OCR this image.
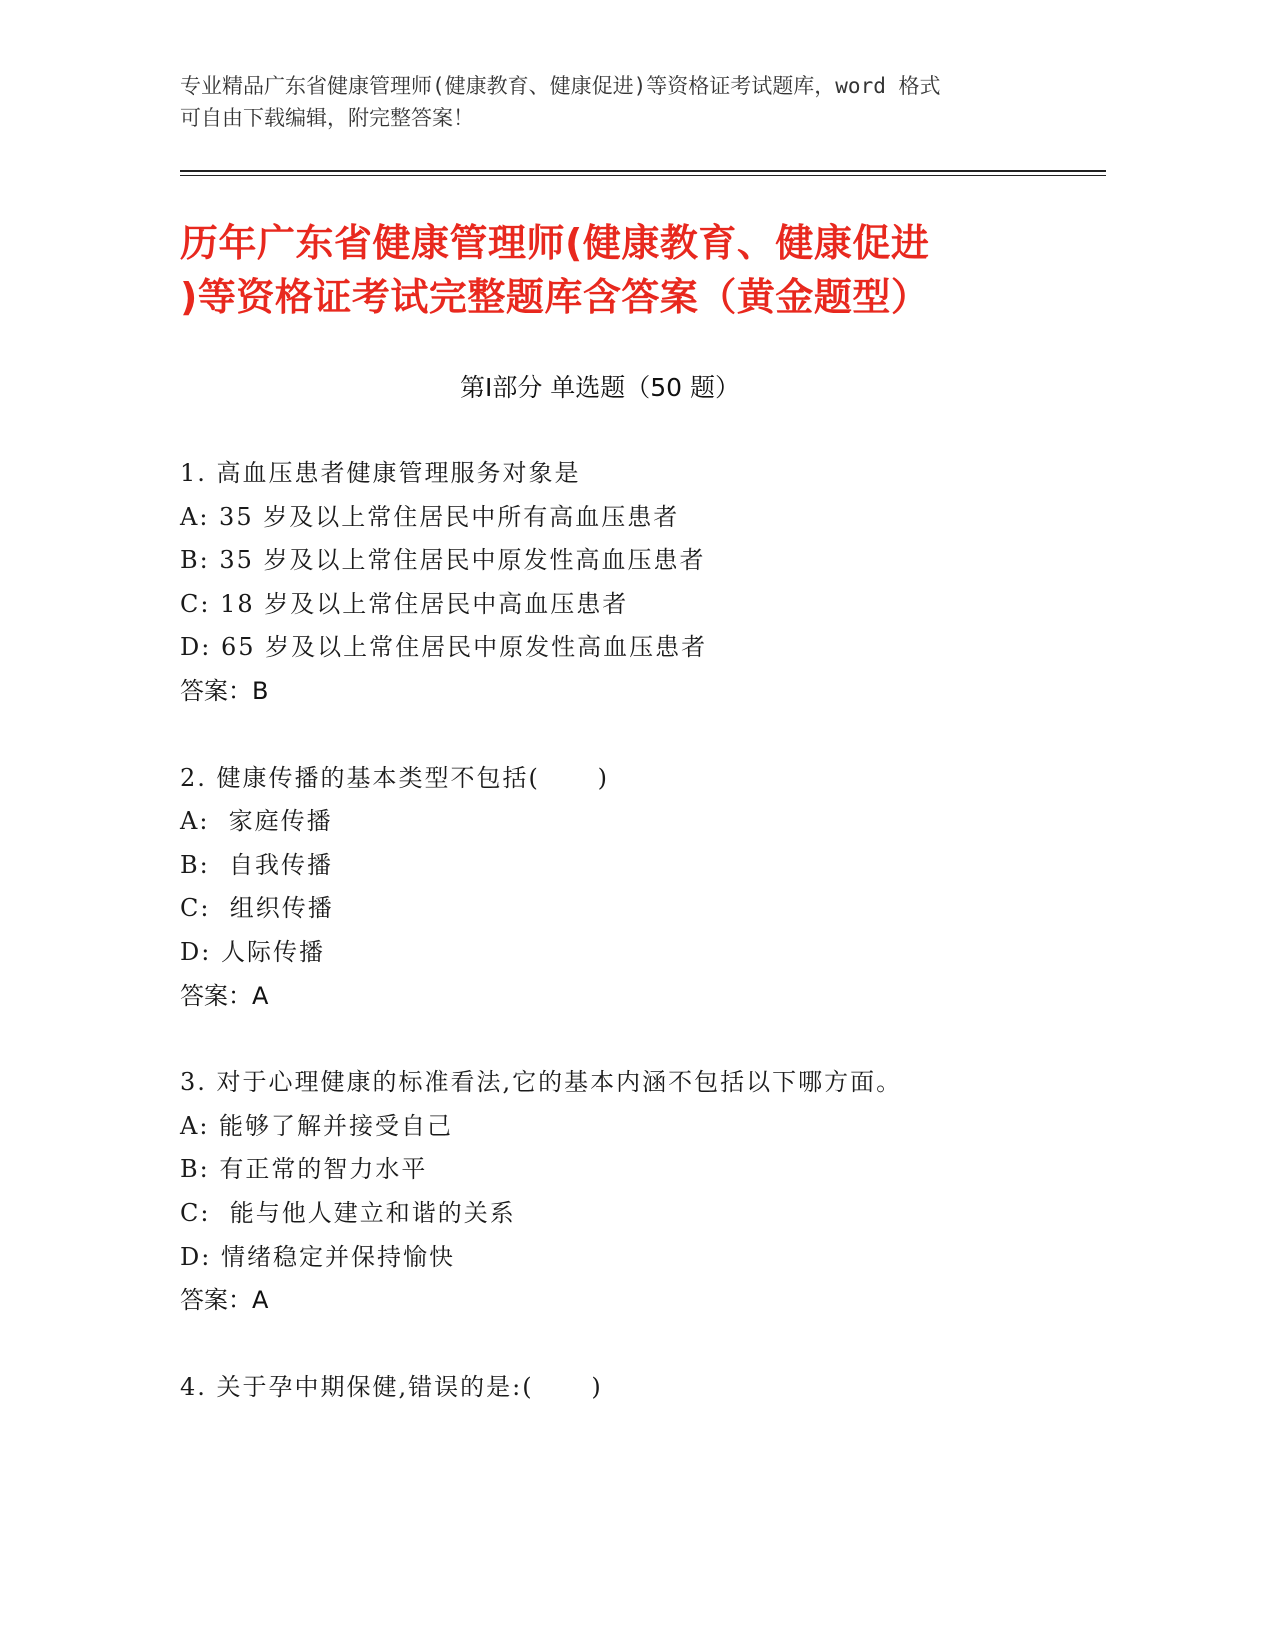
专业精品广东省健康管理师(健康教育、健康促进)等资格证考试题库，word 格式
可自由下载编辑，附完整答案！
历年广东省健康管理师(健康教育、健康促进
)等资格证考试完整题库含答案（黄金题型）
第Ⅰ部分 单选题（50 题）
1. 高血压患者健康管理服务对象是
A: 35 岁及以上常住居民中所有高血压患者
B: 35 岁及以上常住居民中原发性高血压患者
C: 18 岁及以上常住居民中高血压患者
D: 65 岁及以上常住居民中原发性高血压患者
答案：B
2. 健康传播的基本类型不包括(      )
A:  家庭传播
B:  自我传播
C:  组织传播
D: 人际传播
答案：A
3. 对于心理健康的标准看法,它的基本内涵不包括以下哪方面。
A: 能够了解并接受自己
B: 有正常的智力水平
C:  能与他人建立和谐的关系
D: 情绪稳定并保持愉快
答案：A
4. 关于孕中期保健,错误的是:(      )
